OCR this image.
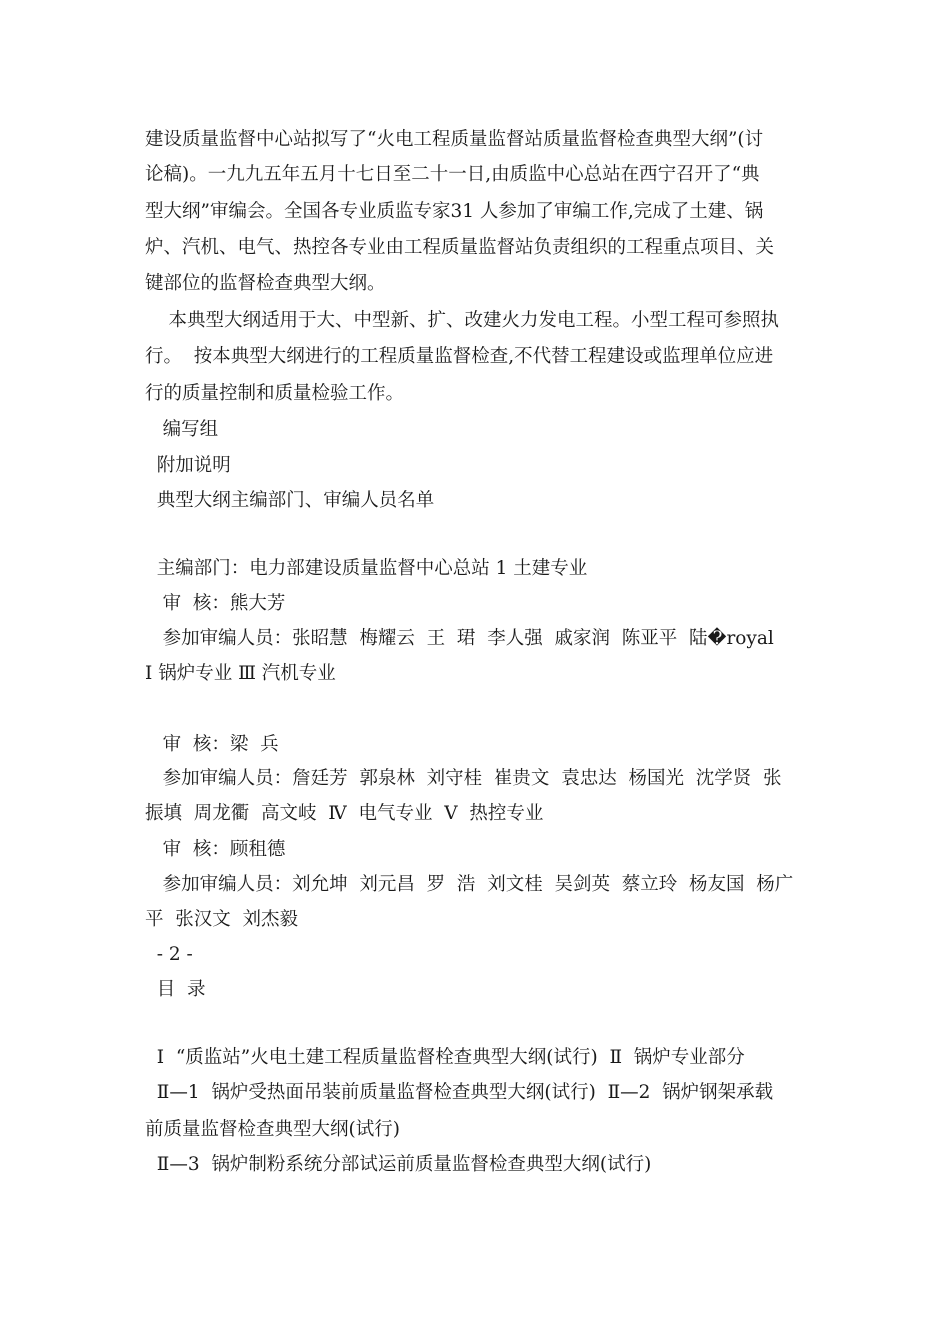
建设质量监督中心站拟写了“火电工程质量监督站质量监督检查典型大纲”(讨
论稿)。一九九五年五月十七日至二十一日,由质监中心总站在西宁召开了“典
型大纲”审编会。全国各专业质监专家31 人参加了审编工作,完成了土建、锅
炉、汽机、电气、热控各专业由工程质量监督站负责组织的工程重点项目、关
键部位的监督检查典型大纲。
本典型大纲适用于大、中型新、扩、改建火力发电工程。小型工程可参照执
行。  按本典型大纲进行的工程质量监督检查,不代替工程建设或监理单位应进
行的质量控制和质量检验工作。
编写组
附加说明
典型大纲主编部门、审编人员名单
主编部门：电力部建设质量监督中心总站 1 土建专业
审  核：熊大芳
参加审编人员：张昭慧  梅耀云  王  珺  李人强  戚家润  陈亚平  陆�royal
Ⅰ 锅炉专业 Ⅲ 汽机专业
审  核：梁  兵
参加审编人员：詹廷芳  郭泉林  刘守桂  崔贵文  袁忠达  杨国光  沈学贤  张
振填  周龙衢  高文岐  Ⅳ  电气专业  Ⅴ  热控专业
审  核：顾租德
参加审编人员：刘允坤  刘元昌  罗  浩  刘文桂  吴剑英  蔡立玲  杨友国  杨广
平  张汉文  刘杰毅
- 2 -
目  录
Ⅰ  “质监站”火电土建工程质量监督栓查典型大纲(试行)  Ⅱ  锅炉专业部分
Ⅱ—1  锅炉受热面吊装前质量监督检查典型大纲(试行)  Ⅱ—2  锅炉钢架承载
前质量监督检查典型大纲(试行)
Ⅱ—3  锅炉制粉系统分部试运前质量监督检查典型大纲(试行)
